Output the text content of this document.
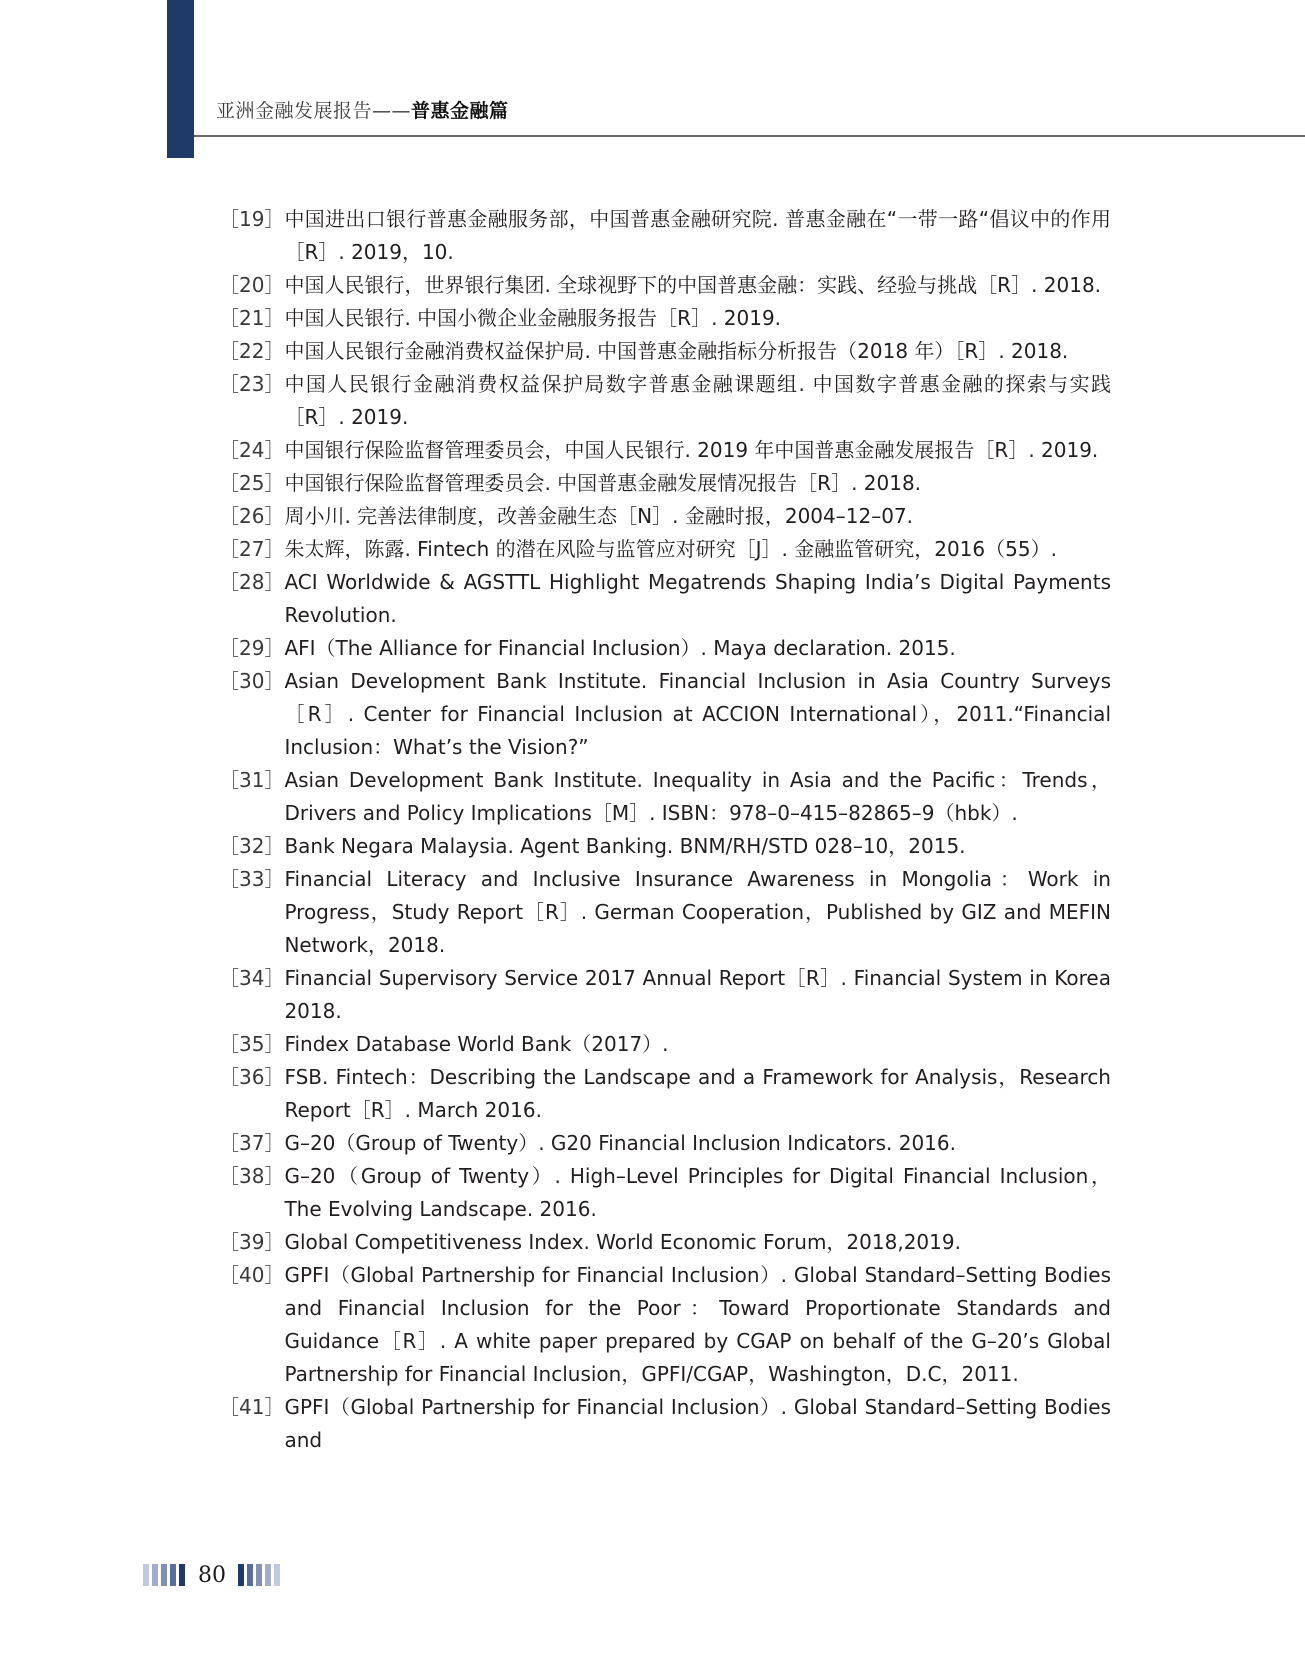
亚洲金融发展报告——普惠金融篇
［19］ 中国进出口银行普惠金融服务部，中国普惠金融研究院. 普惠金融在“一带一路“倡议中的作用［R］. 2019，10.
［20］ 中国人民银行，世界银行集团. 全球视野下的中国普惠金融：实践、经验与挑战［R］. 2018.
［21］ 中国人民银行. 中国小微企业金融服务报告［R］. 2019.
［22］ 中国人民银行金融消费权益保护局. 中国普惠金融指标分析报告（2018 年）［R］. 2018.
［23］ 中国人民银行金融消费权益保护局数字普惠金融课题组. 中国数字普惠金融的探索与实践［R］. 2019.
［24］ 中国银行保险监督管理委员会，中国人民银行. 2019 年中国普惠金融发展报告［R］. 2019.
［25］ 中国银行保险监督管理委员会. 中国普惠金融发展情况报告［R］. 2018.
［26］ 周小川. 完善法律制度，改善金融生态［N］. 金融时报，2004–12–07.
［27］ 朱太辉，陈露. Fintech 的潜在风险与监管应对研究［J］. 金融监管研究，2016（55）.
［28］ ACI Worldwide & AGSTTL Highlight Megatrends Shaping India’s Digital Payments Revolution.
［29］ AFI（The Alliance for Financial Inclusion）. Maya declaration. 2015.
［30］ Asian Development Bank Institute. Financial Inclusion in Asia Country Surveys［R］. Center for Financial Inclusion at ACCION International），2011.“Financial Inclusion：What’s the Vision?”
［31］ Asian Development Bank Institute. Inequality in Asia and the Pacific：Trends，Drivers and Policy Implications［M］. ISBN：978–0–415–82865–9（hbk）.
［32］ Bank Negara Malaysia. Agent Banking. BNM/RH/STD 028–10，2015.
［33］ Financial Literacy and Inclusive Insurance Awareness in Mongolia：Work in Progress，Study Report［R］. German Cooperation，Published by GIZ and MEFIN Network，2018.
［34］ Financial Supervisory Service 2017 Annual Report［R］. Financial System in Korea 2018.
［35］ Findex Database World Bank（2017）.
［36］ FSB. Fintech：Describing the Landscape and a Framework for Analysis，Research Report［R］. March 2016.
［37］ G–20（Group of Twenty）. G20 Financial Inclusion Indicators. 2016.
［38］ G–20（Group of Twenty）. High–Level Principles for Digital Financial Inclusion，The Evolving Landscape. 2016.
［39］ Global Competitiveness Index. World Economic Forum，2018,2019.
［40］ GPFI（Global Partnership for Financial Inclusion）. Global Standard–Setting Bodies and Financial Inclusion for the Poor：Toward Proportionate Standards and Guidance［R］. A white paper prepared by CGAP on behalf of the G–20’s Global Partnership for Financial Inclusion，GPFI/CGAP，Washington，D.C，2011.
［41］ GPFI（Global Partnership for Financial Inclusion）. Global Standard–Setting Bodies and
80
